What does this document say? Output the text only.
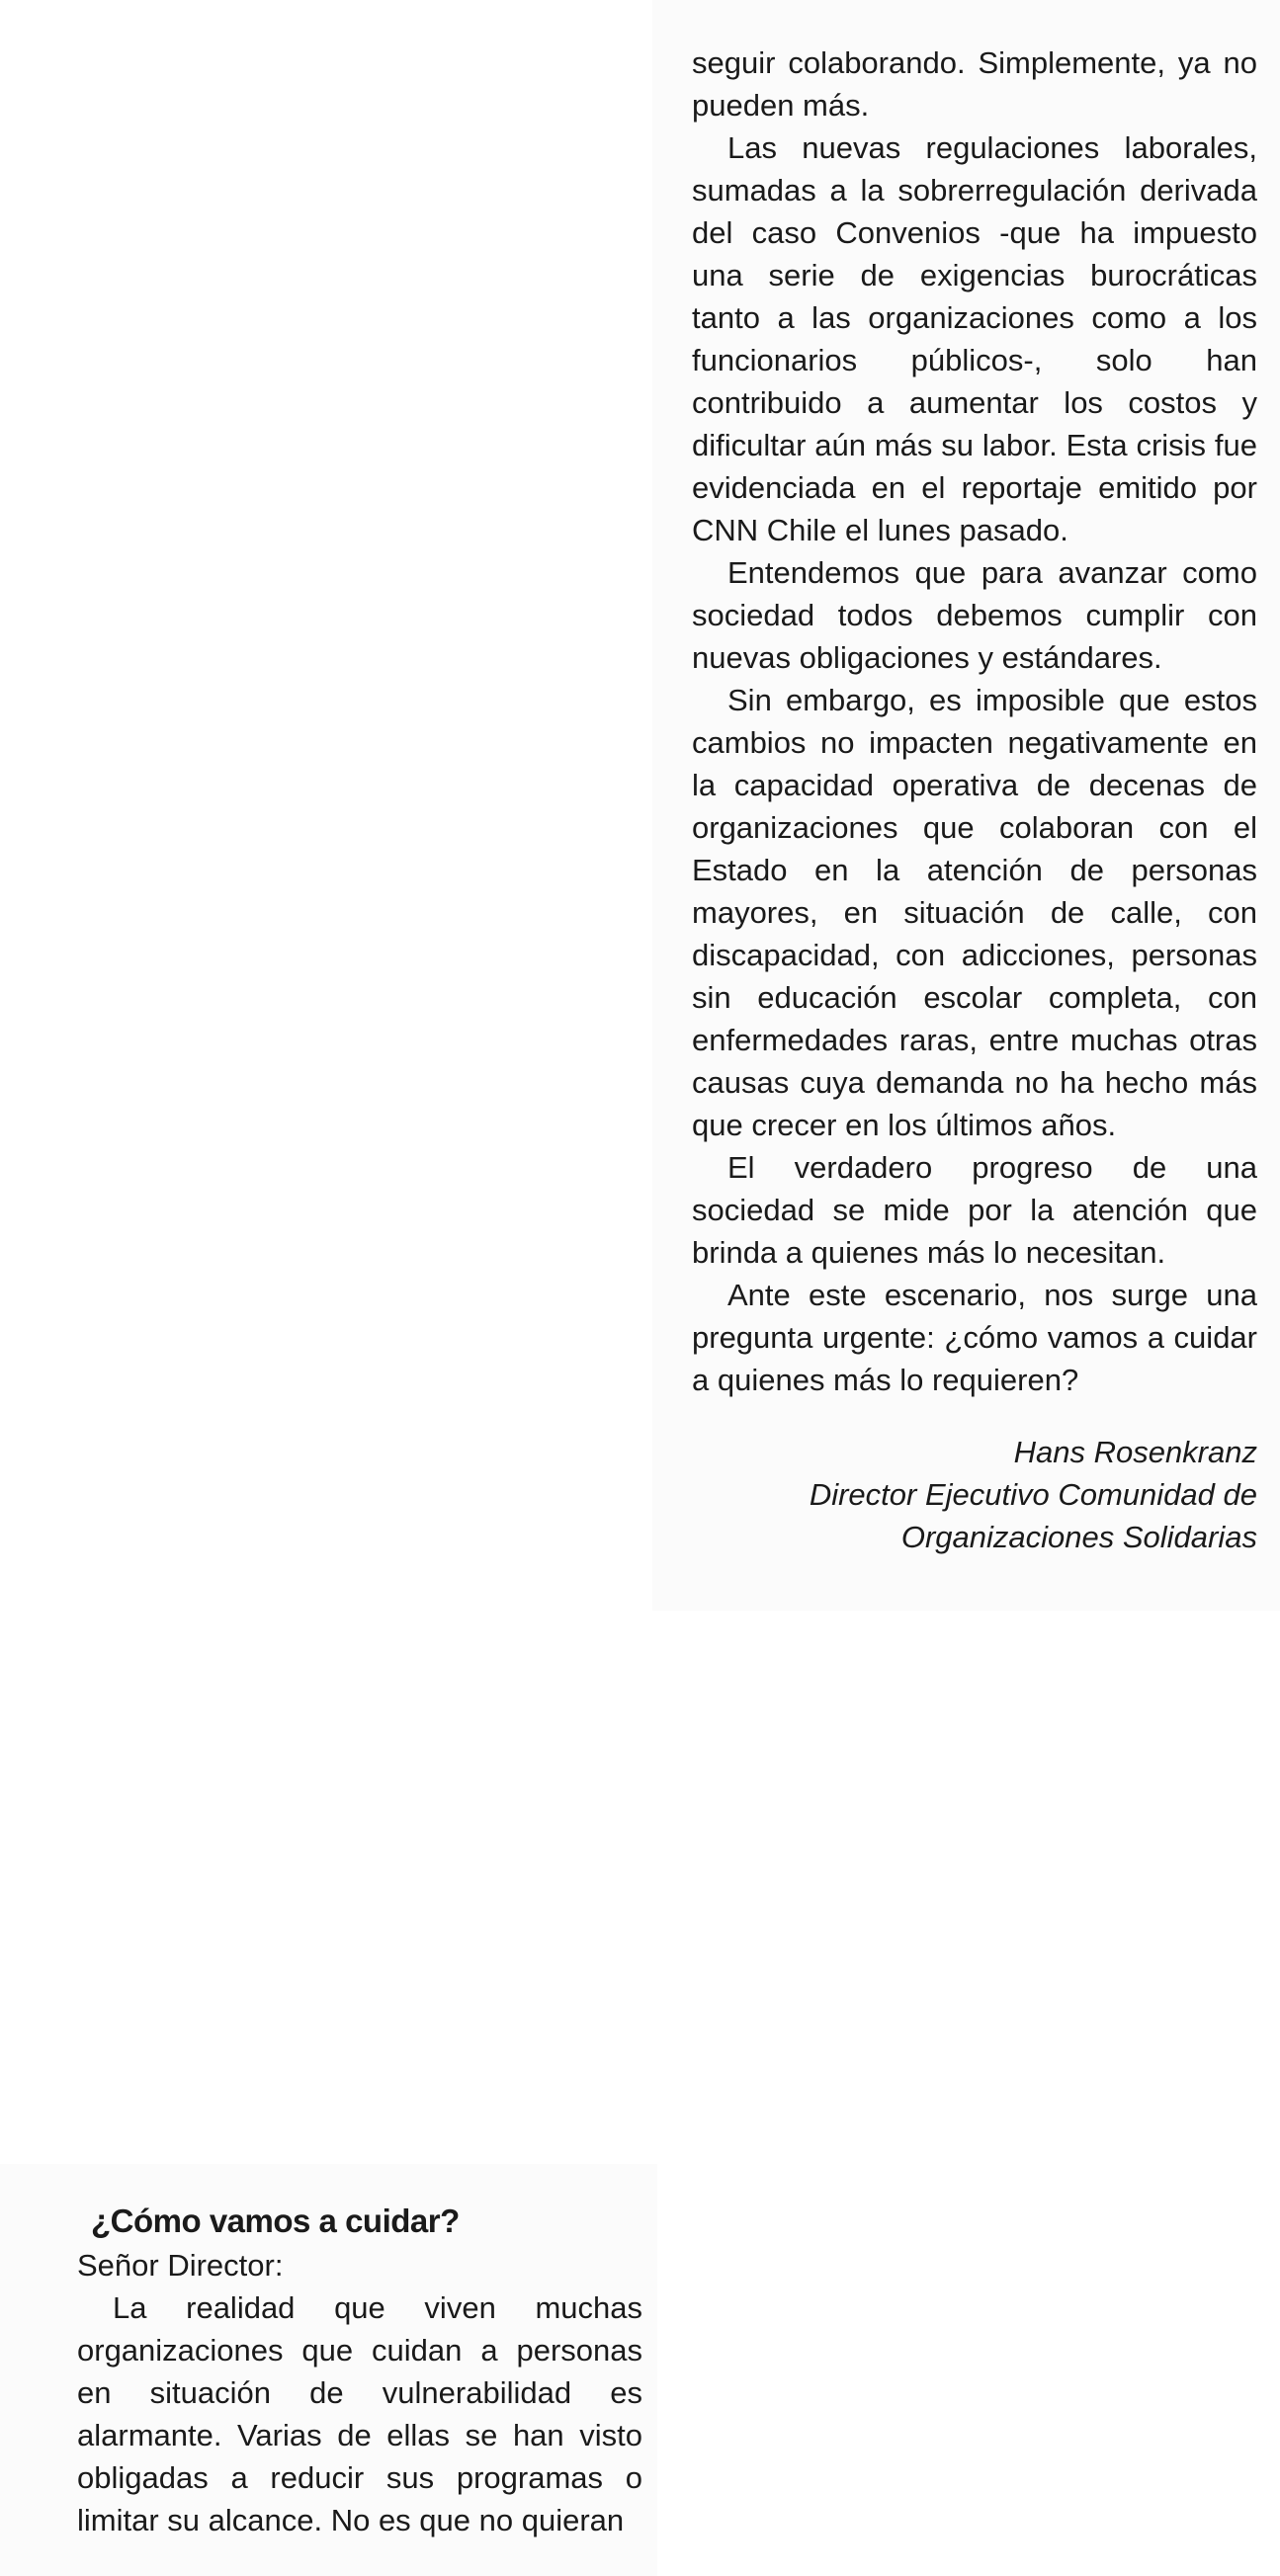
seguir colaborando. Simplemente, ya no pueden más.

Las nuevas regulaciones laborales, sumadas a la sobrerregulación derivada del caso Convenios -que ha impuesto una serie de exigencias burocráticas tanto a las organizaciones como a los funcionarios públicos-, solo han contribuido a aumentar los costos y dificultar aún más su labor. Esta crisis fue evidenciada en el reportaje emitido por CNN Chile el lunes pasado.

Entendemos que para avanzar como sociedad todos debemos cumplir con nuevas obligaciones y estándares.

Sin embargo, es imposible que estos cambios no impacten negativamente en la capacidad operativa de decenas de organizaciones que colaboran con el Estado en la atención de personas mayores, en situación de calle, con discapacidad, con adicciones, personas sin educación escolar completa, con enfermedades raras, entre muchas otras causas cuya demanda no ha hecho más que crecer en los últimos años.

El verdadero progreso de una sociedad se mide por la atención que brinda a quienes más lo necesitan.

Ante este escenario, nos surge una pregunta urgente: ¿cómo vamos a cuidar a quienes más lo requieren?

Hans Rosenkranz
Director Ejecutivo Comunidad de
Organizaciones Solidarias
¿Cómo vamos a cuidar?

Señor Director:

La realidad que viven muchas organizaciones que cuidan a personas en situación de vulnerabilidad es alarmante. Varias de ellas se han visto obligadas a reducir sus programas o limitar su alcance. No es que no quieran
